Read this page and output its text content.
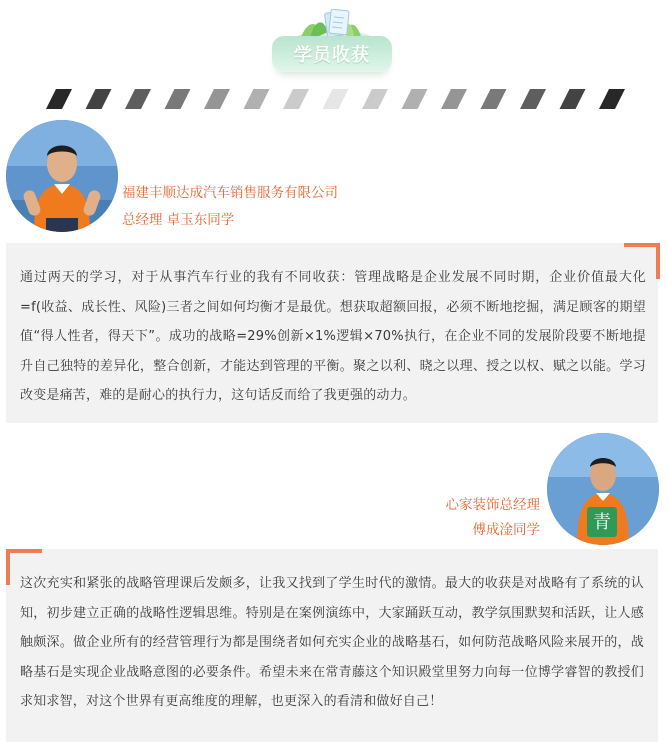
学员收获
福建丰顺达成汽车销售服务有限公司
总经理 卓玉东同学

通过两天的学习，对于从事汽车行业的我有不同收获：管理战略是企业发展不同时期，企业价值最大化=f(收益、成长性、风险)三者之间如何均衡才是最优。想获取超额回报，必须不断地挖掘，满足顾客的期望值“得人性者，得天下”。成功的战略=29%创新×1%逻辑×70%执行，在企业不同的发展阶段要不断地提升自己独特的差异化，整合创新，才能达到管理的平衡。聚之以利、晓之以理、授之以权、赋之以能。学习改变是痛苦，难的是耐心的执行力，这句话反而给了我更强的动力。

青
心家装饰总经理
傅成淦同学

这次充实和紧张的战略管理课后发颇多，让我又找到了学生时代的激情。最大的收获是对战略有了系统的认知，初步建立正确的战略性逻辑思维。特别是在案例演练中，大家踊跃互动，教学氛围默契和活跃，让人感触颇深。做企业所有的经营管理行为都是围绕者如何充实企业的战略基石，如何防范战略风险来展开的，战略基石是实现企业战略意图的必要条件。希望未来在常青藤这个知识殿堂里努力向每一位博学睿智的教授们求知求智，对这个世界有更高维度的理解，也更深入的看清和做好自己！
